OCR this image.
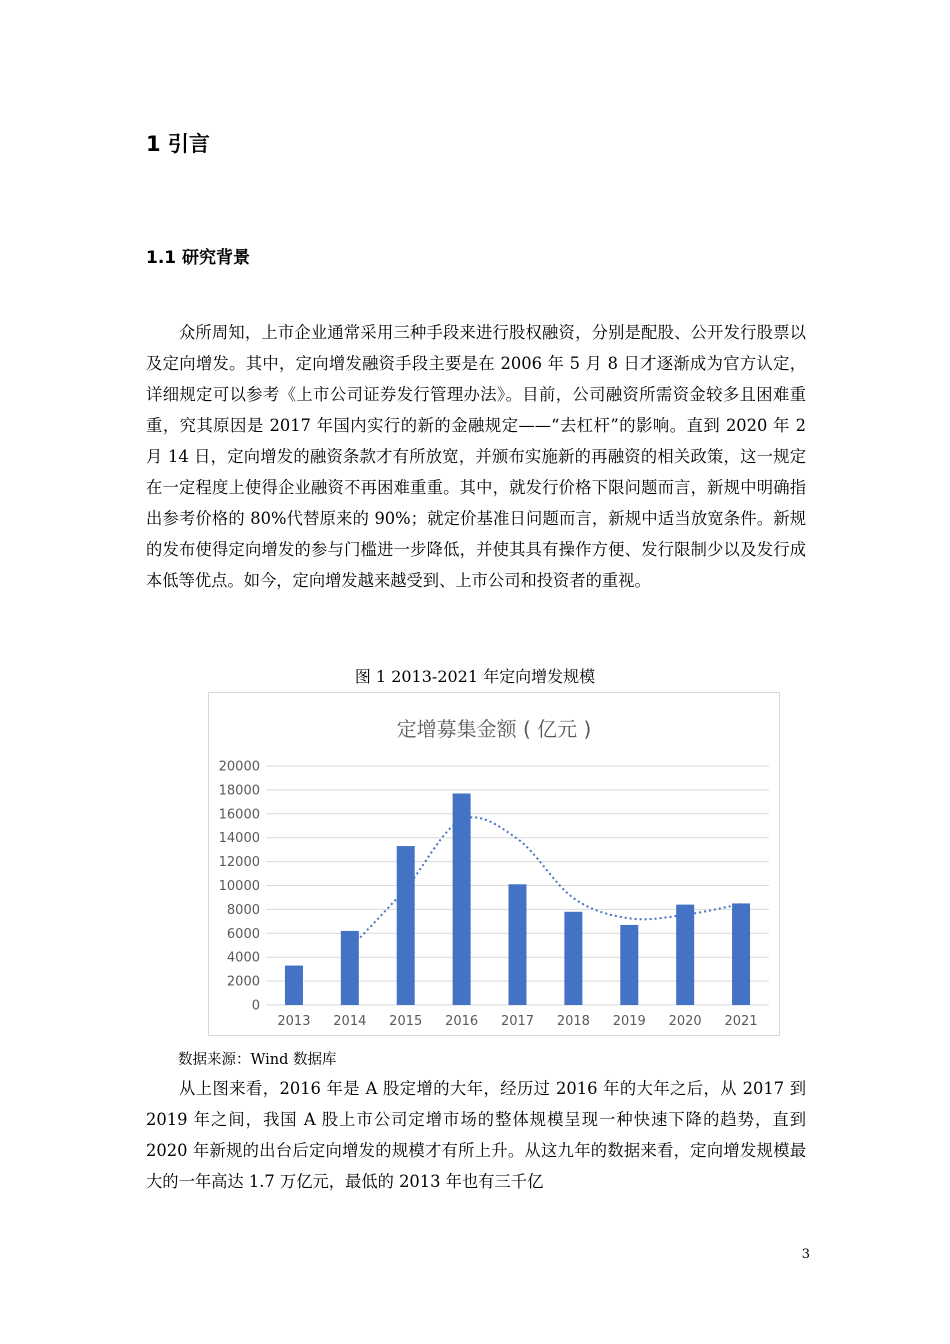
1 引言
1.1 研究背景
众所周知，上市企业通常采用三种手段来进行股权融资，分别是配股、公开发行股票以及定向增发。其中，定向增发融资手段主要是在 2006 年 5 月 8 日才逐渐成为官方认定，详细规定可以参考《上市公司证券发行管理办法》。目前，公司融资所需资金较多且困难重重，究其原因是 2017 年国内实行的新的金融规定——“去杠杆”的影响。直到 2020 年 2 月 14 日，定向增发的融资条款才有所放宽，并颁布实施新的再融资的相关政策，这一规定在一定程度上使得企业融资不再困难重重。其中，就发行价格下限问题而言，新规中明确指出参考价格的 80%代替原来的 90%；就定价基准日问题而言，新规中适当放宽条件。新规的发布使得定向增发的参与门槛进一步降低，并使其具有操作方便、发行限制少以及发行成本低等优点。如今，定向增发越来越受到、上市公司和投资者的重视。
图 1 2013-2021 年定向增发规模
定增募集金额 ( 亿元 )
0
2000
4000
6000
8000
10000
12000
14000
16000
18000
20000
2013 2014 2015 2016 2017 2018 2019 2020 2021
数据来源：Wind 数据库
从上图来看，2016 年是 A 股定增的大年，经历过 2016 年的大年之后，从 2017 到 2019 年之间，我国 A 股上市公司定增市场的整体规模呈现一种快速下降的趋势，直到 2020 年新规的出台后定向增发的规模才有所上升。从这九年的数据来看，定向增发规模最大的一年高达 1.7 万亿元，最低的 2013 年也有三千亿
3
